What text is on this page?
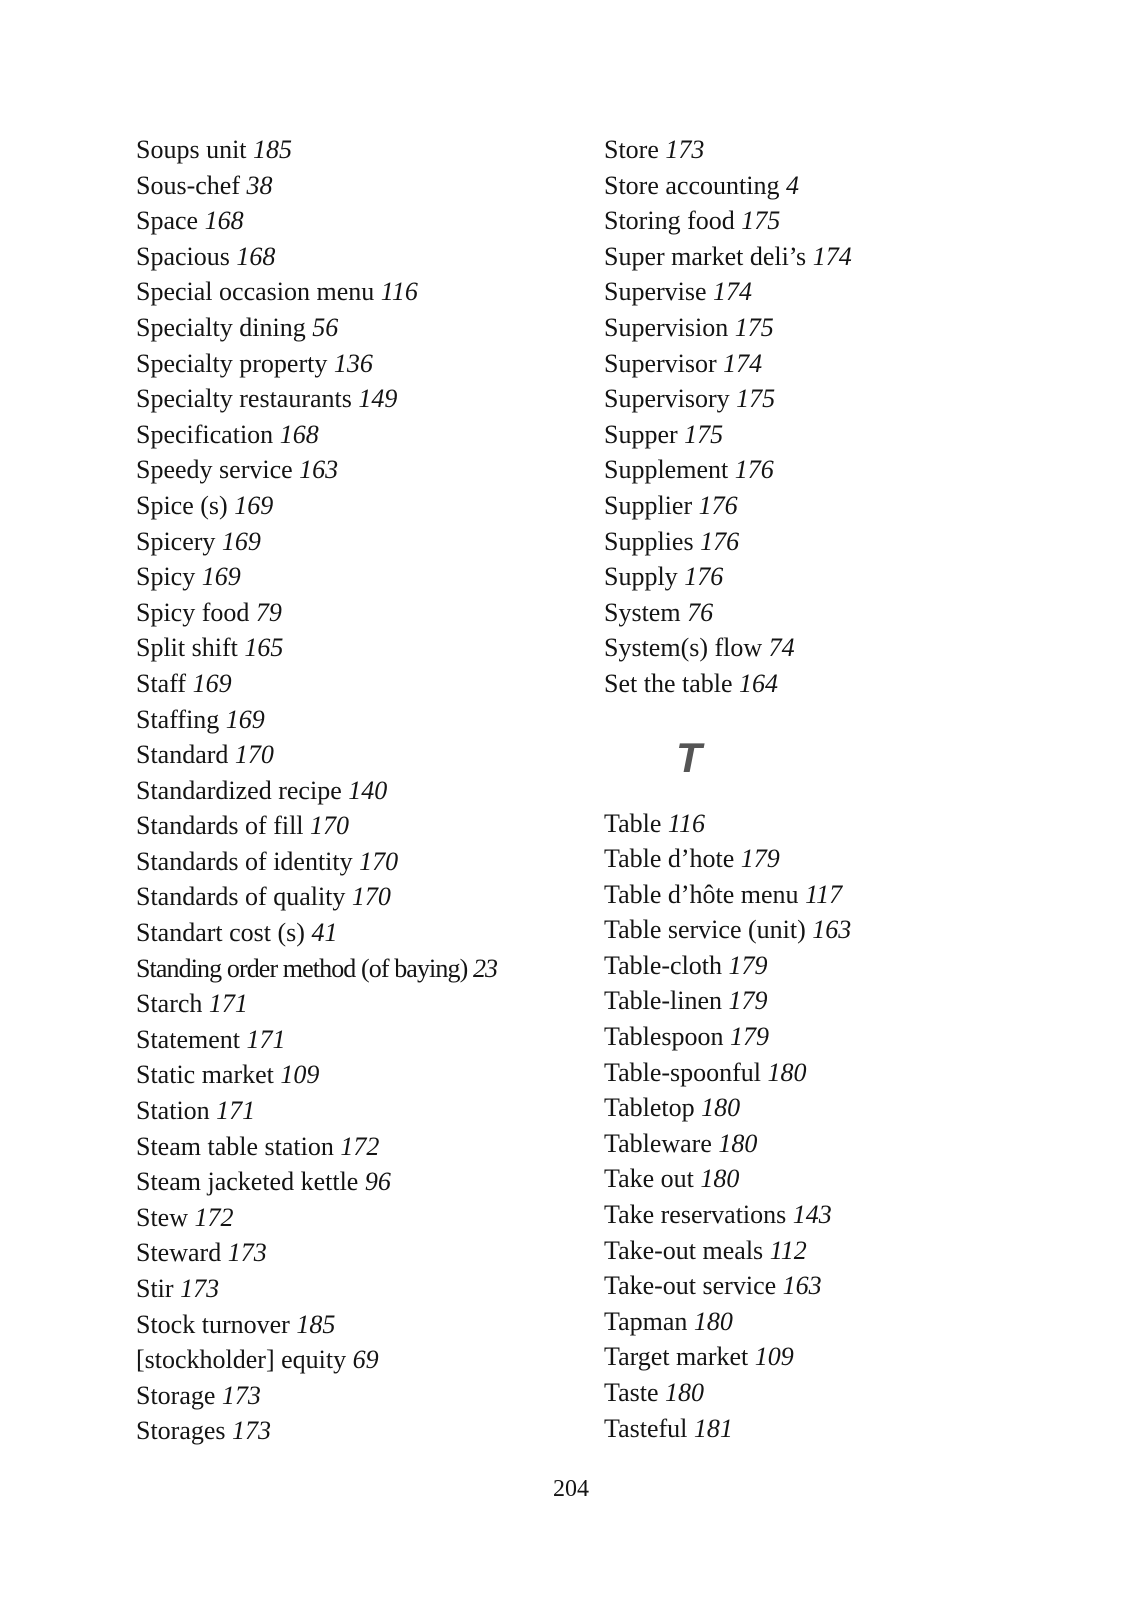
Soups unit 185
Sous-chef 38
Space 168
Spacious 168
Special occasion menu 116
Specialty dining 56
Specialty property 136
Specialty restaurants 149
Specification 168
Speedy service 163
Spice (s) 169
Spicery 169
Spicy 169
Spicy food 79
Split shift 165
Staff 169
Staffing 169
Standard 170
Standardized recipe 140
Standards of fill 170
Standards of identity 170
Standards of quality 170
Standart cost (s) 41
Standing order method (of baying) 23
Starch 171
Statement 171
Static market 109
Station 171
Steam table station 172
Steam jacketed kettle 96
Stew 172
Steward 173
Stir 173
Stock turnover 185
[stockholder] equity 69
Storage 173
Storages 173
Store 173
Store accounting 4
Storing food 175
Super market deli’s 174
Supervise 174
Supervision 175
Supervisor 174
Supervisory 175
Supper 175
Supplement 176
Supplier 176
Supplies 176
Supply 176
System 76
System(s) flow 74
Set the table 164
T
Table 116
Table d’hote 179
Table d’hôte menu 117
Table service (unit) 163
Table-cloth 179
Table-linen 179
Tablespoon 179
Table-spoonful 180
Tabletop 180
Tableware 180
Take out 180
Take reservations 143
Take-out meals 112
Take-out service 163
Tapman 180
Target market 109
Taste 180
Tasteful 181
204
